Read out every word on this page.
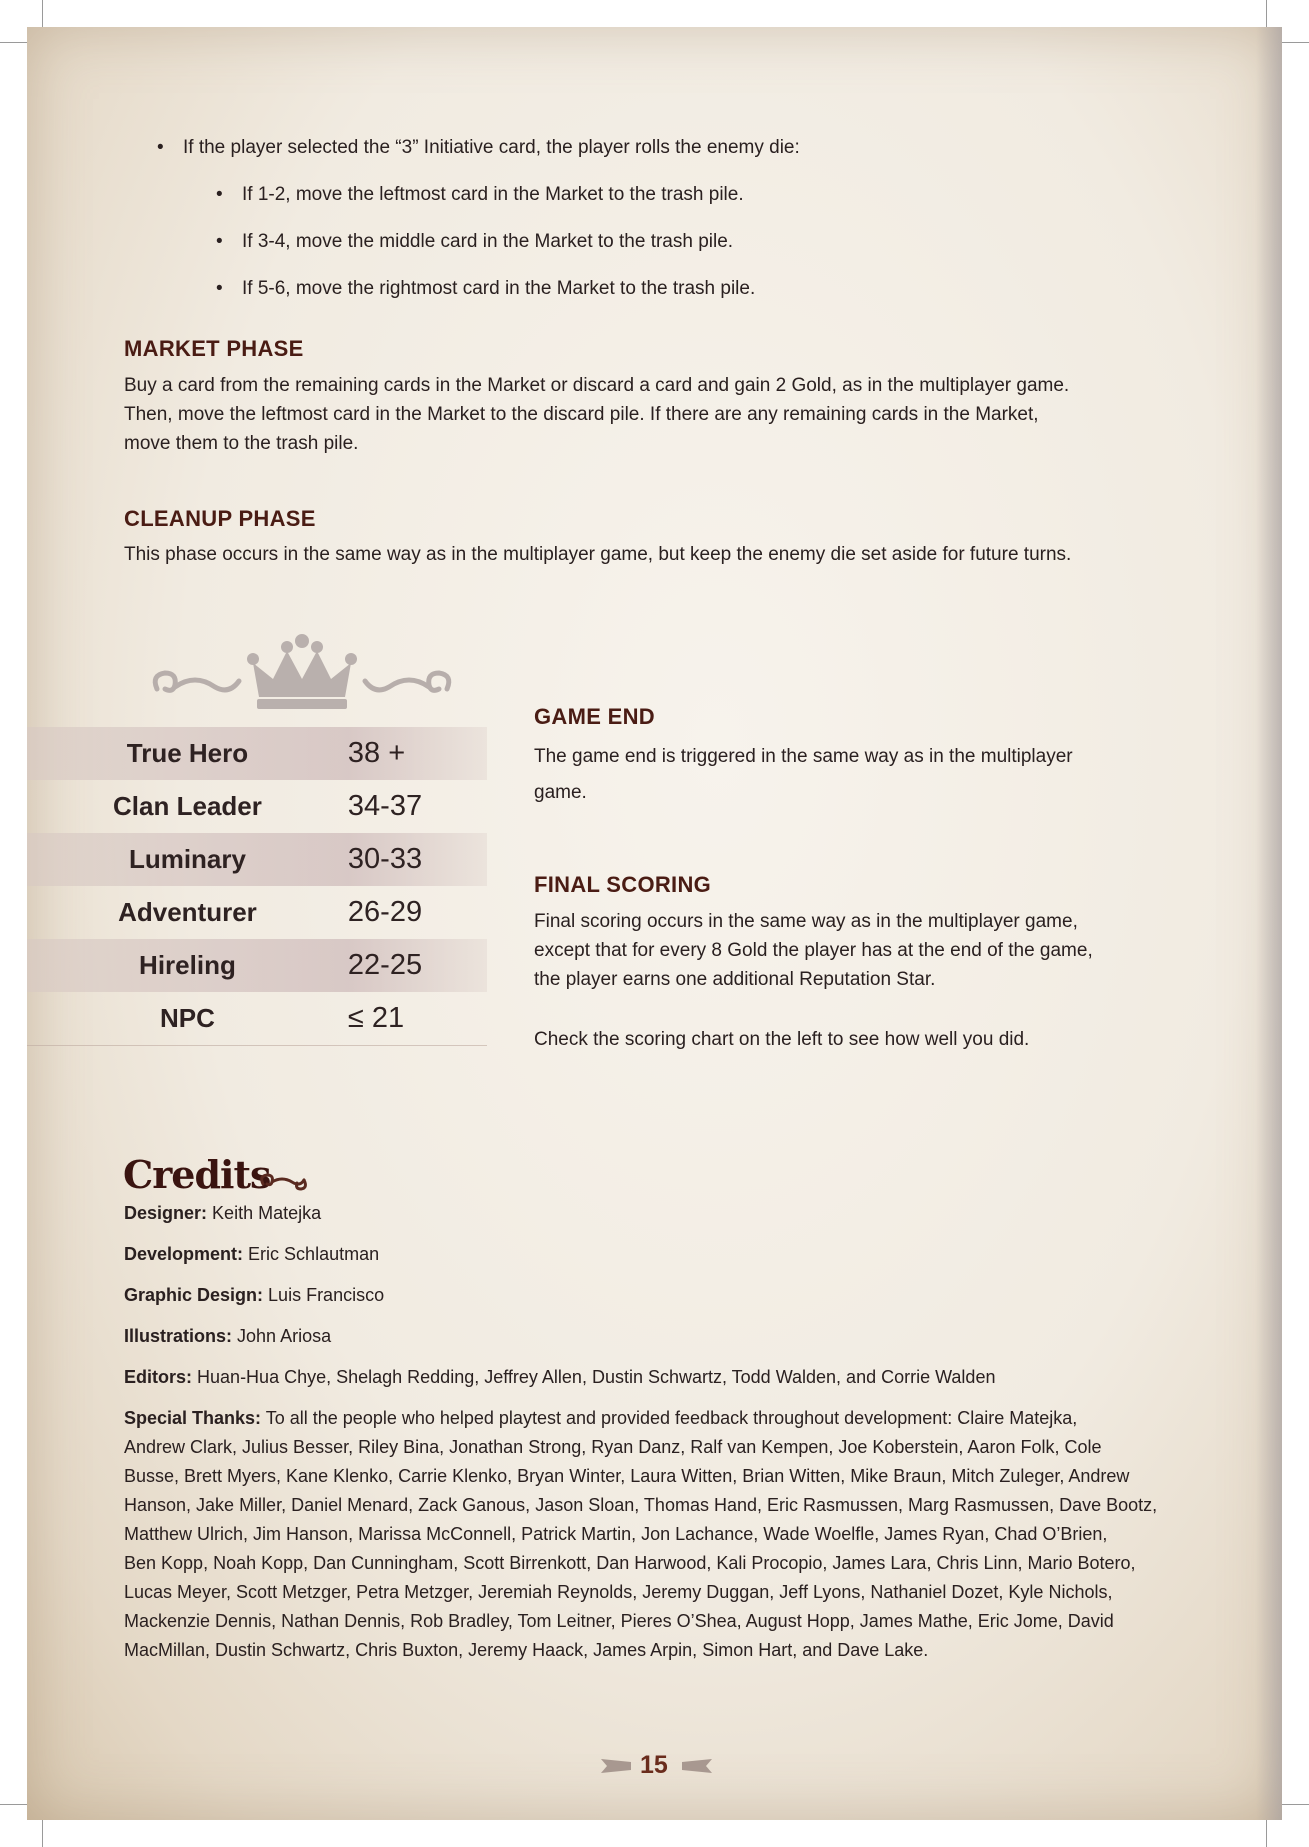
• If the player selected the “3” Initiative card, the player rolls the enemy die:
• If 1-2, move the leftmost card in the Market to the trash pile.
• If 3-4, move the middle card in the Market to the trash pile.
• If 5-6, move the rightmost card in the Market to the trash pile.
MARKET PHASE
Buy a card from the remaining cards in the Market or discard a card and gain 2 Gold, as in the multiplayer game.
Then, move the leftmost card in the Market to the discard pile. If there are any remaining cards in the Market,
move them to the trash pile.
CLEANUP PHASE
This phase occurs in the same way as in the multiplayer game, but keep the enemy die set aside for future turns.
True Hero	38 +
Clan Leader	34-37
Luminary	30-33
Adventurer	26-29
Hireling	22-25
NPC	≤ 21
GAME END
The game end is triggered in the same way as in the multiplayer
game.
FINAL SCORING
Final scoring occurs in the same way as in the multiplayer game,
except that for every 8 Gold the player has at the end of the game,
the player earns one additional Reputation Star.
Check the scoring chart on the left to see how well you did.
Credits
Designer: Keith Matejka
Development: Eric Schlautman
Graphic Design: Luis Francisco
Illustrations: John Ariosa
Editors: Huan-Hua Chye, Shelagh Redding, Jeffrey Allen, Dustin Schwartz, Todd Walden, and Corrie Walden
Special Thanks: To all the people who helped playtest and provided feedback throughout development: Claire Matejka,
Andrew Clark, Julius Besser, Riley Bina, Jonathan Strong, Ryan Danz, Ralf van Kempen, Joe Koberstein, Aaron Folk, Cole
Busse, Brett Myers, Kane Klenko, Carrie Klenko, Bryan Winter, Laura Witten, Brian Witten, Mike Braun, Mitch Zuleger, Andrew
Hanson, Jake Miller, Daniel Menard, Zack Ganous, Jason Sloan, Thomas Hand, Eric Rasmussen, Marg Rasmussen, Dave Bootz,
Matthew Ulrich, Jim Hanson, Marissa McConnell, Patrick Martin, Jon Lachance, Wade Woelfle, James Ryan, Chad O’Brien,
Ben Kopp, Noah Kopp, Dan Cunningham, Scott Birrenkott, Dan Harwood, Kali Procopio, James Lara, Chris Linn, Mario Botero,
Lucas Meyer, Scott Metzger, Petra Metzger, Jeremiah Reynolds, Jeremy Duggan, Jeff Lyons, Nathaniel Dozet, Kyle Nichols,
Mackenzie Dennis, Nathan Dennis, Rob Bradley, Tom Leitner, Pieres O’Shea, August Hopp, James Mathe, Eric Jome, David
MacMillan, Dustin Schwartz, Chris Buxton, Jeremy Haack, James Arpin, Simon Hart, and Dave Lake.
15
